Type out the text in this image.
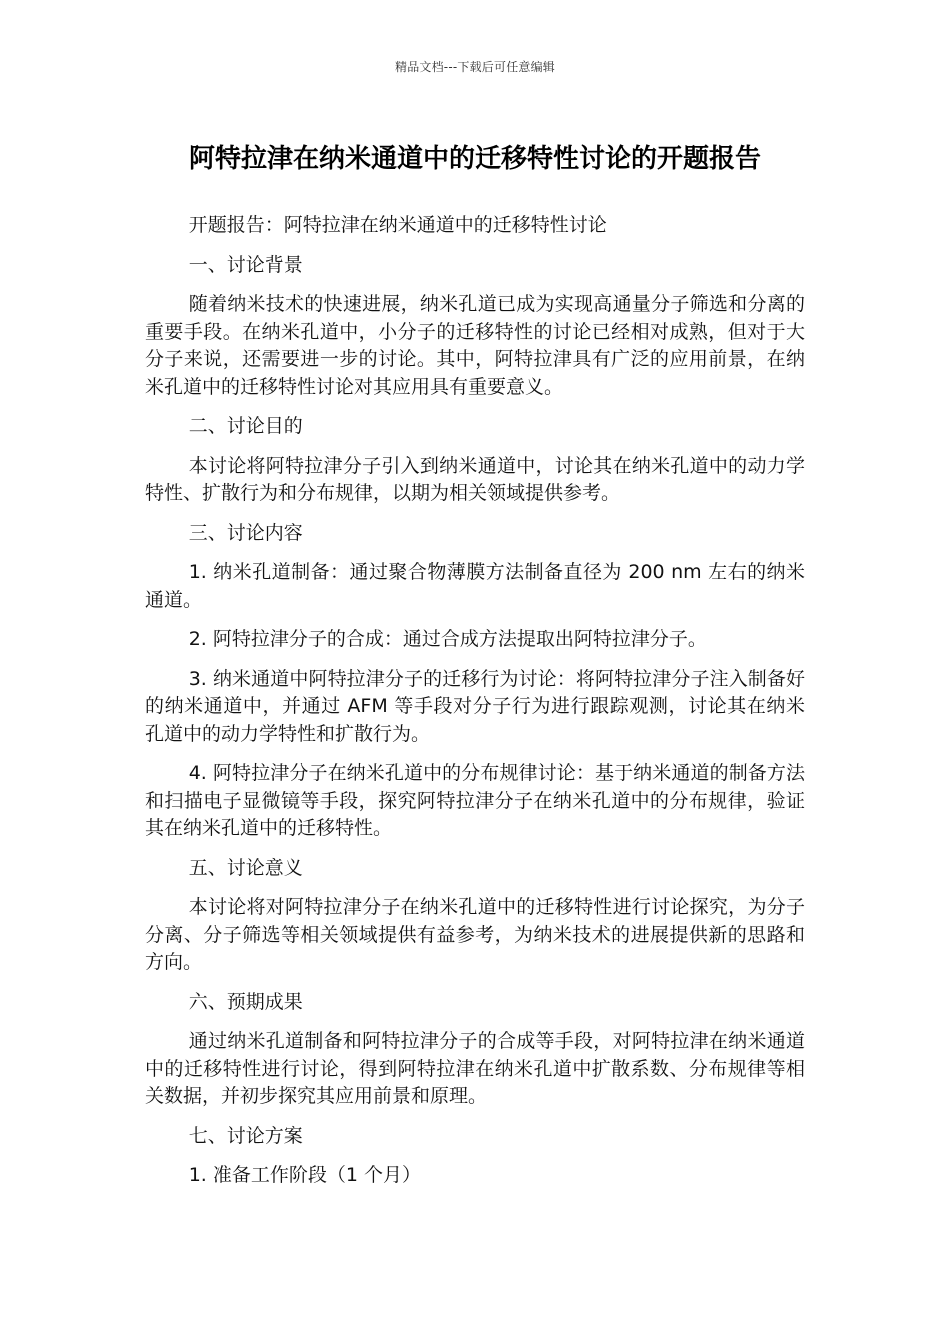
精品文档---下载后可任意编辑
阿特拉津在纳米通道中的迁移特性讨论的开题报告

开题报告：阿特拉津在纳米通道中的迁移特性讨论

一、讨论背景

随着纳米技术的快速进展，纳米孔道已成为实现高通量分子筛选和分离的重要手段。在纳米孔道中，小分子的迁移特性的讨论已经相对成熟，但对于大分子来说，还需要进一步的讨论。其中，阿特拉津具有广泛的应用前景，在纳米孔道中的迁移特性讨论对其应用具有重要意义。

二、讨论目的

本讨论将阿特拉津分子引入到纳米通道中，讨论其在纳米孔道中的动力学特性、扩散行为和分布规律，以期为相关领域提供参考。

三、讨论内容

1. 纳米孔道制备：通过聚合物薄膜方法制备直径为 200 nm 左右的纳米通道。

2. 阿特拉津分子的合成：通过合成方法提取出阿特拉津分子。

3. 纳米通道中阿特拉津分子的迁移行为讨论：将阿特拉津分子注入制备好的纳米通道中，并通过 AFM 等手段对分子行为进行跟踪观测，讨论其在纳米孔道中的动力学特性和扩散行为。

4. 阿特拉津分子在纳米孔道中的分布规律讨论：基于纳米通道的制备方法和扫描电子显微镜等手段，探究阿特拉津分子在纳米孔道中的分布规律，验证其在纳米孔道中的迁移特性。

五、讨论意义

本讨论将对阿特拉津分子在纳米孔道中的迁移特性进行讨论探究，为分子分离、分子筛选等相关领域提供有益参考，为纳米技术的进展提供新的思路和方向。

六、预期成果

通过纳米孔道制备和阿特拉津分子的合成等手段，对阿特拉津在纳米通道中的迁移特性进行讨论，得到阿特拉津在纳米孔道中扩散系数、分布规律等相关数据，并初步探究其应用前景和原理。

七、讨论方案

1. 准备工作阶段（1 个月）
